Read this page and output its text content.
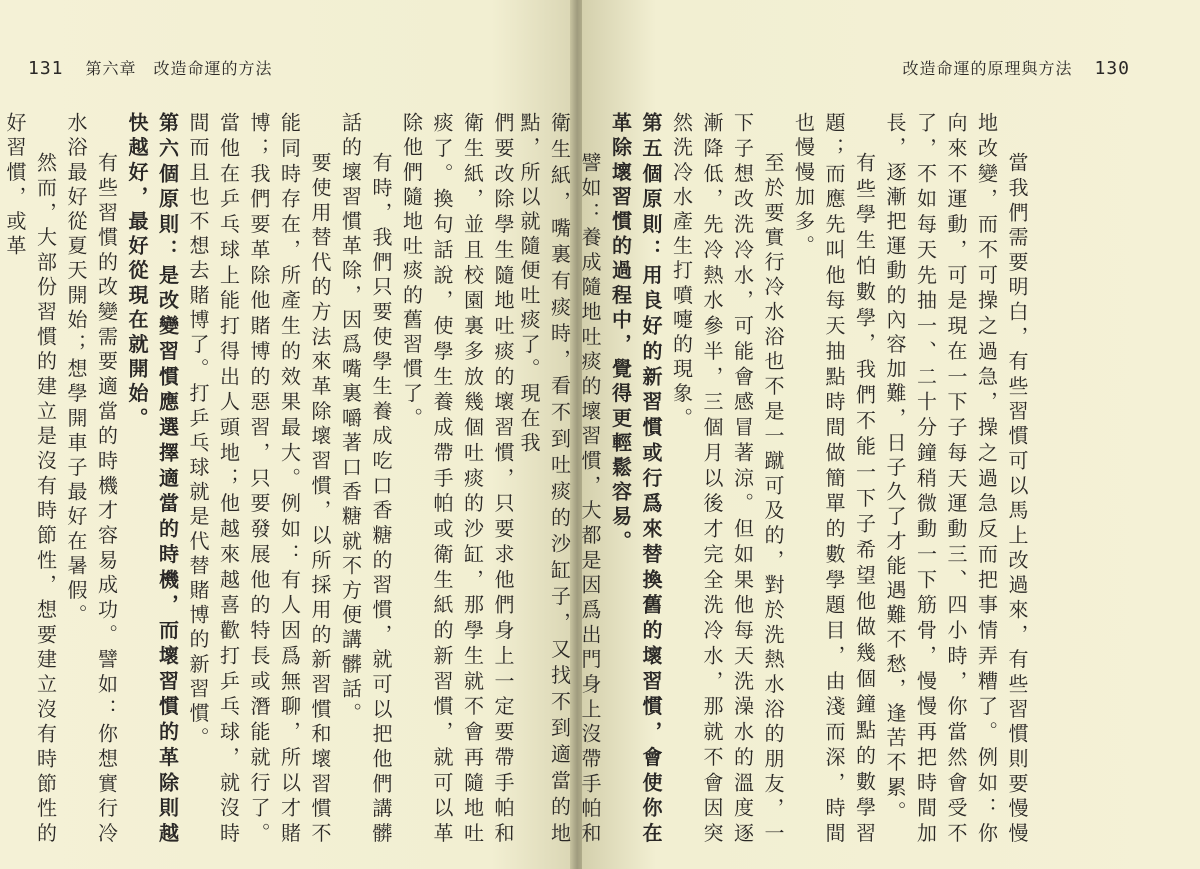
131 第六章　改造命運的方法

們要改除學生隨地吐痰的壞習慣，只要求他們身上一定要帶手帕和衛生紙，並且校園裏多放幾個吐痰的沙缸，那學生就不會再隨地吐痰了。換句話說，使學生養成帶手帕或衛生紙的新習慣，就可以革除他們隨地吐痰的舊習慣了。

有時，我們只要使學生養成吃口香糖的習慣，就可以把他們講髒話的壞習慣革除，因爲嘴裏嚼著口香糖就不方便講髒話。

要使用替代的方法來革除壞習慣，以所採用的新習慣和壞習慣不能同時存在，所產生的效果最大。例如：有人因爲無聊，所以才賭博；我們要革除他賭博的惡習，只要發展他的特長或潛能就行了。當他在乒乓球上能打得出人頭地；他越來越喜歡打乒乓球，就沒時間而且也不想去賭博了。打乒乓球就是代替賭博的新習慣。

第六個原則：是改變習慣應選擇適當的時機，而壞習慣的革除則越快越好，最好從現在就開始。

有些習慣的改變需要適當的時機才容易成功。譬如：你想實行冷水浴最好從夏天開始；想學開車子最好在暑假。

然而，大部份習慣的建立是沒有時節性，想要建立沒有時節性的好習慣，或革

改造命運的原理與方法 130

當我們需要明白，有些習慣可以馬上改過來，有些習慣則要慢慢地改變，而不可操之過急，操之過急反而把事情弄糟了。例如：你向來不運動，可是現在一下子每天運動三、四小時，你當然會受不了，不如每天先抽一、二十分鐘稍微動一下筋骨，慢慢再把時間加長，逐漸把運動的內容加難，日子久了才能遇難不愁，逢苦不累。

有些學生怕數學，我們不能一下子希望他做幾個鐘點的數學習題；而應先叫他每天抽點時間做簡單的數學題目，由淺而深，時間也慢慢加多。

至於要實行冷水浴也不是一蹴可及的，對於洗熱水浴的朋友，一下子想改洗冷水，可能會感冒著涼。但如果他每天洗澡水的溫度逐漸降低，先冷熱水參半，三個月以後才完全洗冷水，那就不會因突然洗冷水產生打噴嚏的現象。

第五個原則：用良好的新習慣或行爲來替換舊的壞習慣，會使你在革除壞習慣的過程中，覺得更輕鬆容易。

譬如：養成隨地吐痰的壞習慣，大都是因爲出門身上沒帶手帕和衛生紙，嘴裏有痰時，看不到吐痰的沙缸子，又找不到適當的地點，所以就隨便吐痰了。現在我
